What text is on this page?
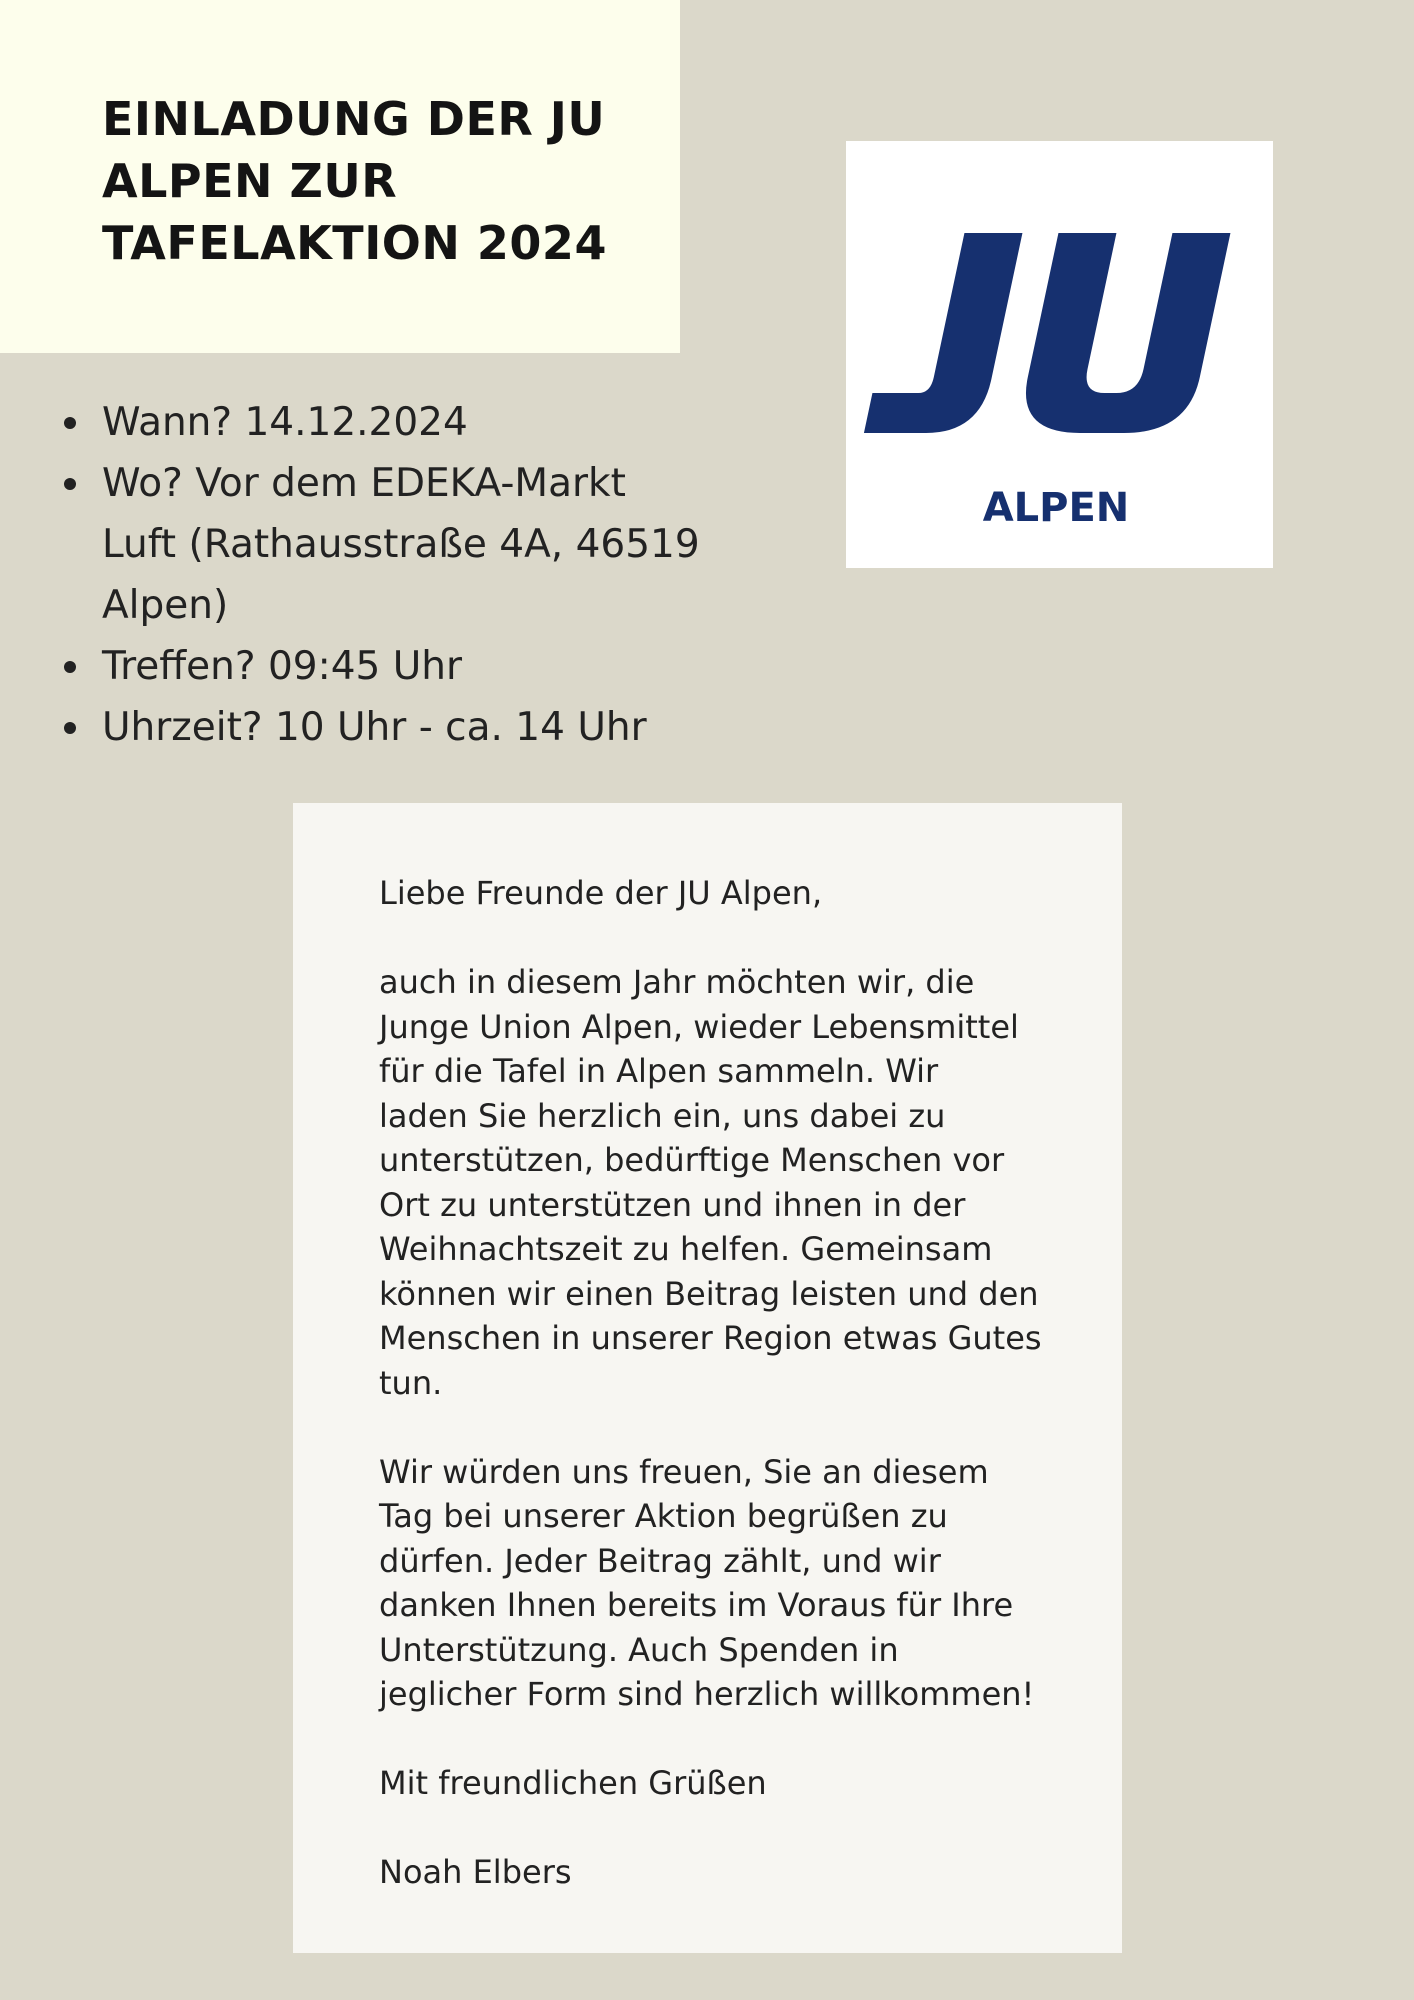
EINLADUNG DER JU
ALPEN ZUR
TAFELAKTION 2024
Wann? 14.12.2024
Wo? Vor dem EDEKA-Markt
Luft (Rathausstraße 4A, 46519
Alpen)
Treffen? 09:45 Uhr
Uhrzeit? 10 Uhr - ca. 14 Uhr
ALPEN

Liebe Freunde der JU Alpen,

auch in diesem Jahr möchten wir, die
Junge Union Alpen, wieder Lebensmittel
für die Tafel in Alpen sammeln. Wir
laden Sie herzlich ein, uns dabei zu
unterstützen, bedürftige Menschen vor
Ort zu unterstützen und ihnen in der
Weihnachtszeit zu helfen. Gemeinsam
können wir einen Beitrag leisten und den
Menschen in unserer Region etwas Gutes
tun.

Wir würden uns freuen, Sie an diesem
Tag bei unserer Aktion begrüßen zu
dürfen. Jeder Beitrag zählt, und wir
danken Ihnen bereits im Voraus für Ihre
Unterstützung. Auch Spenden in
jeglicher Form sind herzlich willkommen!

Mit freundlichen Grüßen

Noah Elbers
